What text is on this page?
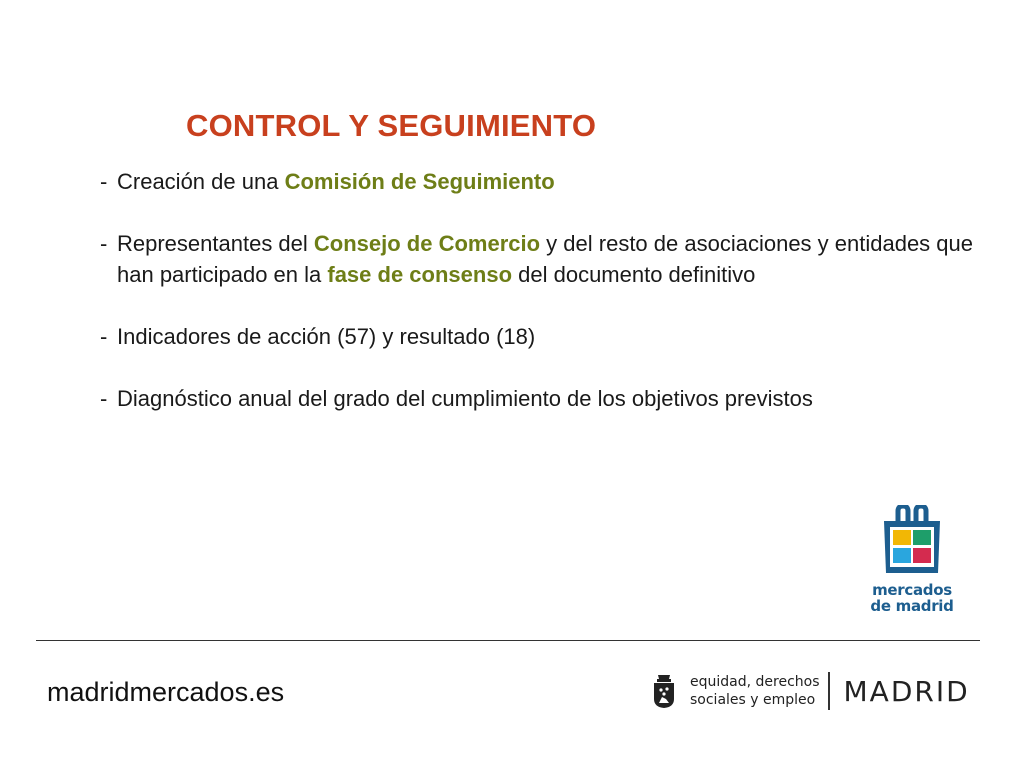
CONTROL Y SEGUIMIENTO
- Creación de una Comisión de Seguimiento
- Representantes del Consejo de Comercio y del resto de asociaciones y entidades que han participado en la fase de consenso del documento definitivo
- Indicadores de acción (57) y resultado (18)
- Diagnóstico anual del grado del cumplimiento de los objetivos previstos
mercados
de madrid
madridmercados.es	equidad, derechos
sociales y empleo MADRID
